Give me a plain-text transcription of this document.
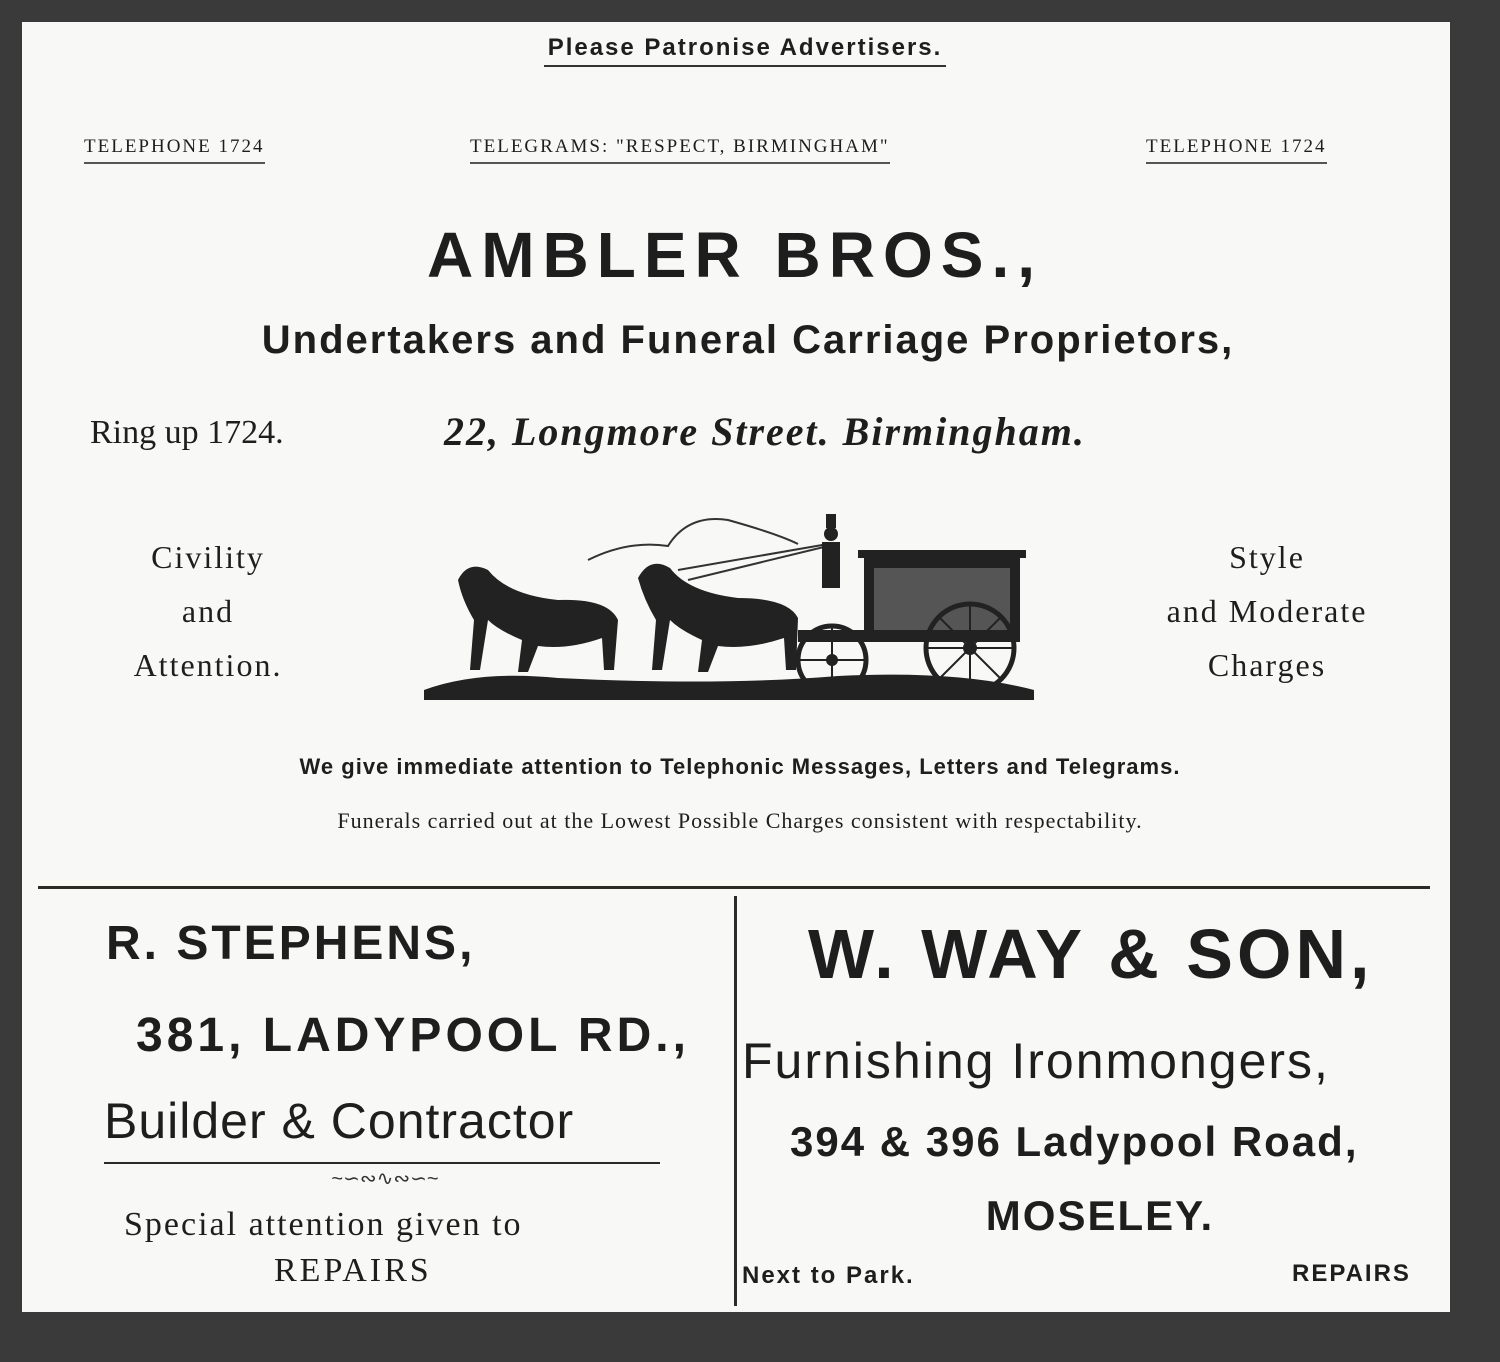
Please Patronise Advertisers.
TELEPHONE 1724	TELEGRAMS: "RESPECT, BIRMINGHAM"	TELEPHONE 1724
AMBLER BROS.,
Undertakers and Funeral Carriage Proprietors,
Ring up 1724.	22, Longmore Street. Birmingham.
Civility
and
Attention.
Style
and Moderate
Charges
We give immediate attention to Telephonic Messages, Letters and Telegrams.
Funerals carried out at the Lowest Possible Charges consistent with respectability.
R. STEPHENS,
381, LADYPOOL RD.,
Builder & Contractor
~∽∾∿∾∽~
Special attention given to
REPAIRS
W. WAY & SON,
Furnishing Ironmongers,
394 & 396 Ladypool Road,
MOSELEY.
Next to Park.	REPAIRS
